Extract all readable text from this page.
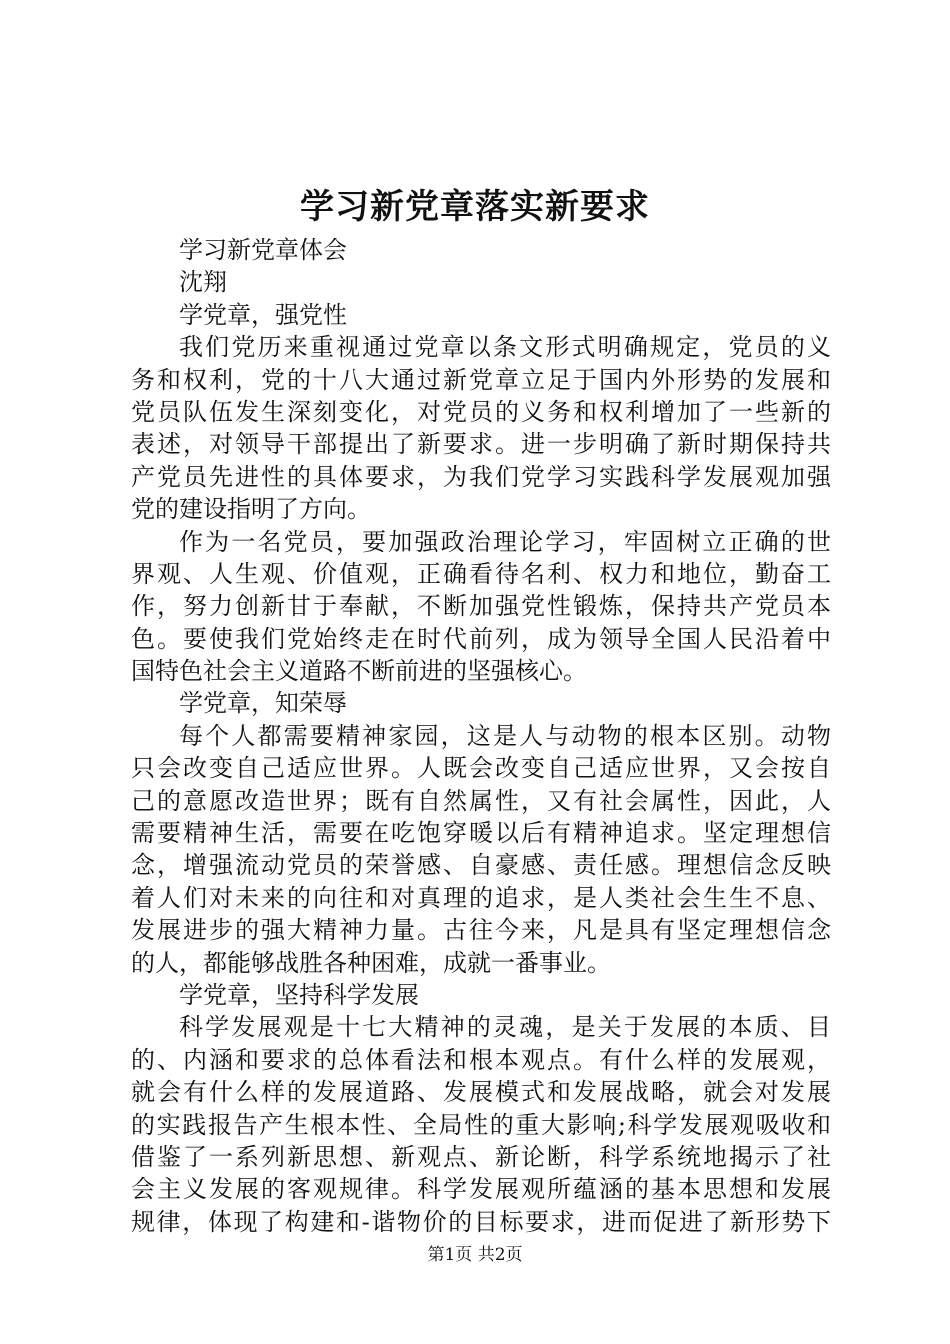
学习新党章落实新要求
学习新党章体会
沈翔
学党章，强党性
我们党历来重视通过党章以条文形式明确规定，党员的义
务和权利，党的十八大通过新党章立足于国内外形势的发展和
党员队伍发生深刻变化，对党员的义务和权利增加了一些新的
表述，对领导干部提出了新要求。进一步明确了新时期保持共
产党员先进性的具体要求，为我们党学习实践科学发展观加强
党的建设指明了方向。
作为一名党员，要加强政治理论学习，牢固树立正确的世
界观、人生观、价值观，正确看待名利、权力和地位，勤奋工
作，努力创新甘于奉献，不断加强党性锻炼，保持共产党员本
色。要使我们党始终走在时代前列，成为领导全国人民沿着中
国特色社会主义道路不断前进的坚强核心。
学党章，知荣辱
每个人都需要精神家园，这是人与动物的根本区别。动物
只会改变自己适应世界。人既会改变自己适应世界，又会按自
己的意愿改造世界；既有自然属性，又有社会属性，因此，人
需要精神生活，需要在吃饱穿暖以后有精神追求。坚定理想信
念，增强流动党员的荣誉感、自豪感、责任感。理想信念反映
着人们对未来的向往和对真理的追求，是人类社会生生不息、
发展进步的强大精神力量。古往今来，凡是具有坚定理想信念
的人，都能够战胜各种困难，成就一番事业。
学党章，坚持科学发展
科学发展观是十七大精神的灵魂，是关于发展的本质、目
的、内涵和要求的总体看法和根本观点。有什么样的发展观，
就会有什么样的发展道路、发展模式和发展战略，就会对发展
的实践报告产生根本性、全局性的重大影响;科学发展观吸收和
借鉴了一系列新思想、新观点、新论断，科学系统地揭示了社
会主义发展的客观规律。科学发展观所蕴涵的基本思想和发展
规律，体现了构建和-谐物价的目标要求，进而促进了新形势下
第1页 共2页
